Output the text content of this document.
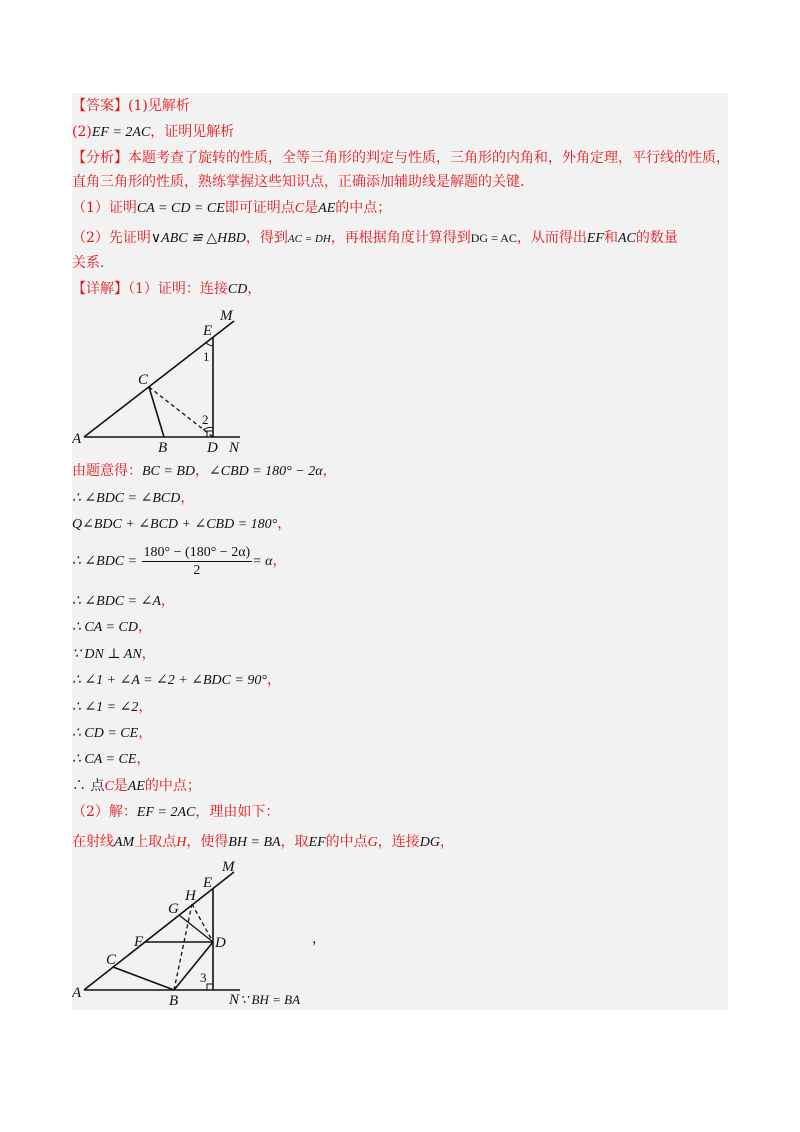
【答案】(1)见解析
(2)EF = 2AC，证明见解析
【分析】本题考查了旋转的性质，全等三角形的判定与性质，三角形的内角和，外角定理，平行线的性质，
直角三角形的性质，熟练掌握这些知识点，正确添加辅助线是解题的关键.
（1）证明CA = CD = CE即可证明点C是AE的中点；
（2）先证明∨ABC ≌ △HBD，得到AC = DH，再根据角度计算得到DG = AC，从而得出EF和AC的数量
关系.
【详解】（1）证明：连接CD，
M
E
1
C
2
A
B	D N
由题意得：BC = BD，∠CBD = 180° − 2α，
∴ ∠BDC = ∠BCD，
Q∠BDC + ∠BCD + ∠CBD = 180°，
∴ ∠BDC = $\frac{180^\circ - (180^\circ - 2\alpha)}{2} = \alpha$，
∴ ∠BDC = ∠A，
∴ CA = CD，
∵ DN ⊥ AN，
∴ ∠1 + ∠A = ∠2 + ∠BDC = 90°，
∴ ∠1 = ∠2，
∴ CD = CE，
∴ CA = CE，
∴ 点C是AE的中点；
（2）解：EF = 2AC，理由如下：
在射线AM上取点H，使得BH = BA，取EF的中点G，连接DG，
M
E
H
G
F	D
C
3
A	B	N
，
∵ BH = BA
